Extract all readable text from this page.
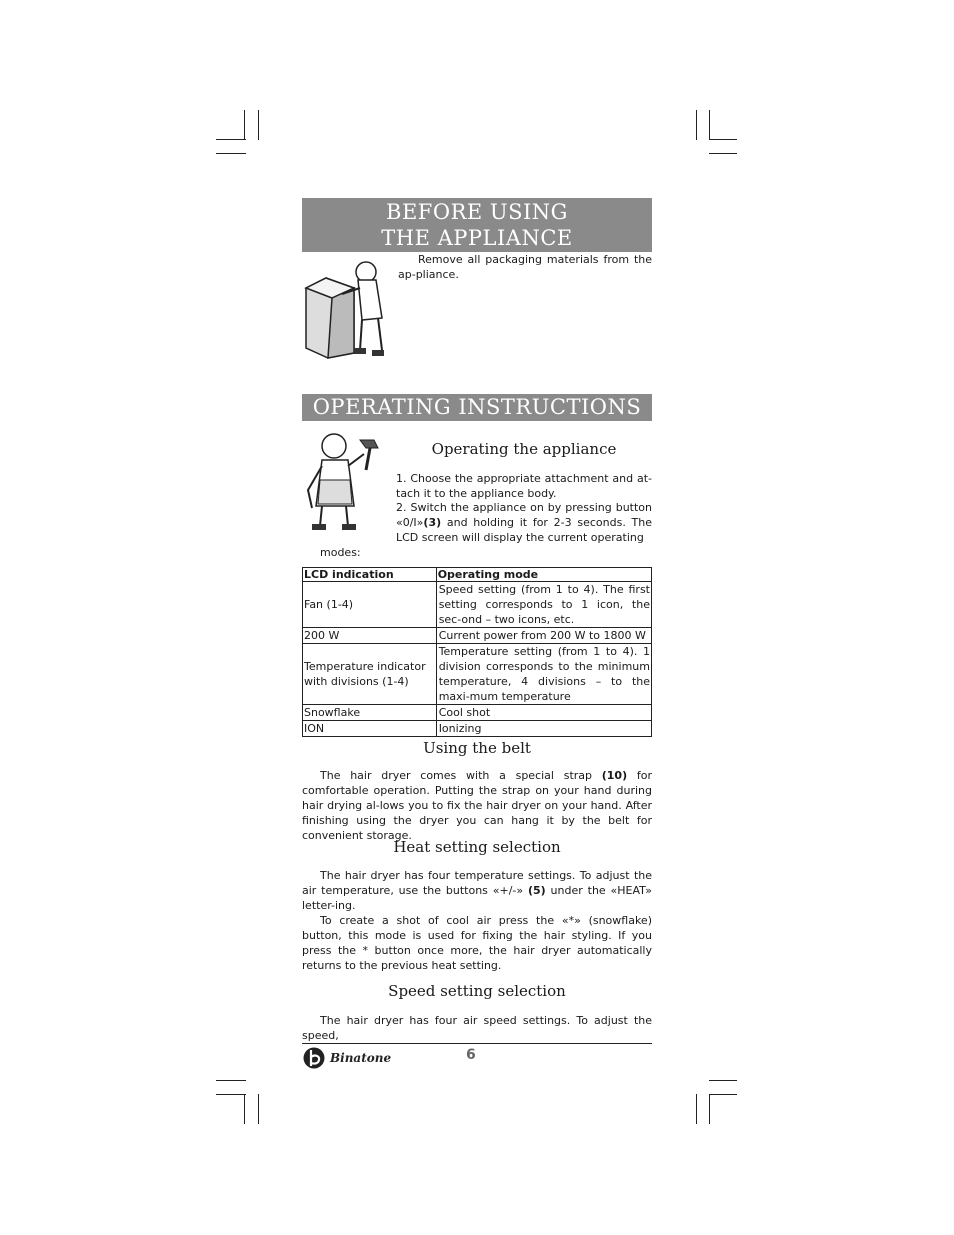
BEFORE USING
THE APPLIANCE
Remove all packaging materials from the ap-pliance.
OPERATING INSTRUCTIONS
Operating the appliance
1. Choose the appropriate attachment and at-tach it to the appliance body.
2. Switch the appliance on by pressing button «0/I»(3) and holding it for 2-3 seconds. The LCD screen will display the current operating
modes:
LCD indication	Operating mode
Fan (1-4)	Speed setting (from 1 to 4). The first setting corresponds to 1 icon, the sec-ond – two icons, etc.
200 W	Current power from 200 W to 1800 W
Temperature indicator with divisions (1-4)	Temperature setting (from 1 to 4). 1 division corresponds to the minimum temperature, 4 divisions – to the maxi-mum temperature
Snowflake	Cool shot
ION	Ionizing
Using the belt
The hair dryer comes with a special strap (10) for comfortable operation. Putting the strap on your hand during hair drying al-lows you to fix the hair dryer on your hand. After finishing using the dryer you can hang it by the belt for convenient storage.
Heat setting selection
The hair dryer has four temperature settings. To adjust the air temperature, use the buttons «+/-» (5) under the «HEAT» letter-ing.
To create a shot of cool air press the «*» (snowflake) button, this mode is used for fixing the hair styling. If you press the * button once more, the hair dryer automatically returns to the previous heat setting.
Speed setting selection
The hair dryer has four air speed settings. To adjust the speed,
Binatone	6
